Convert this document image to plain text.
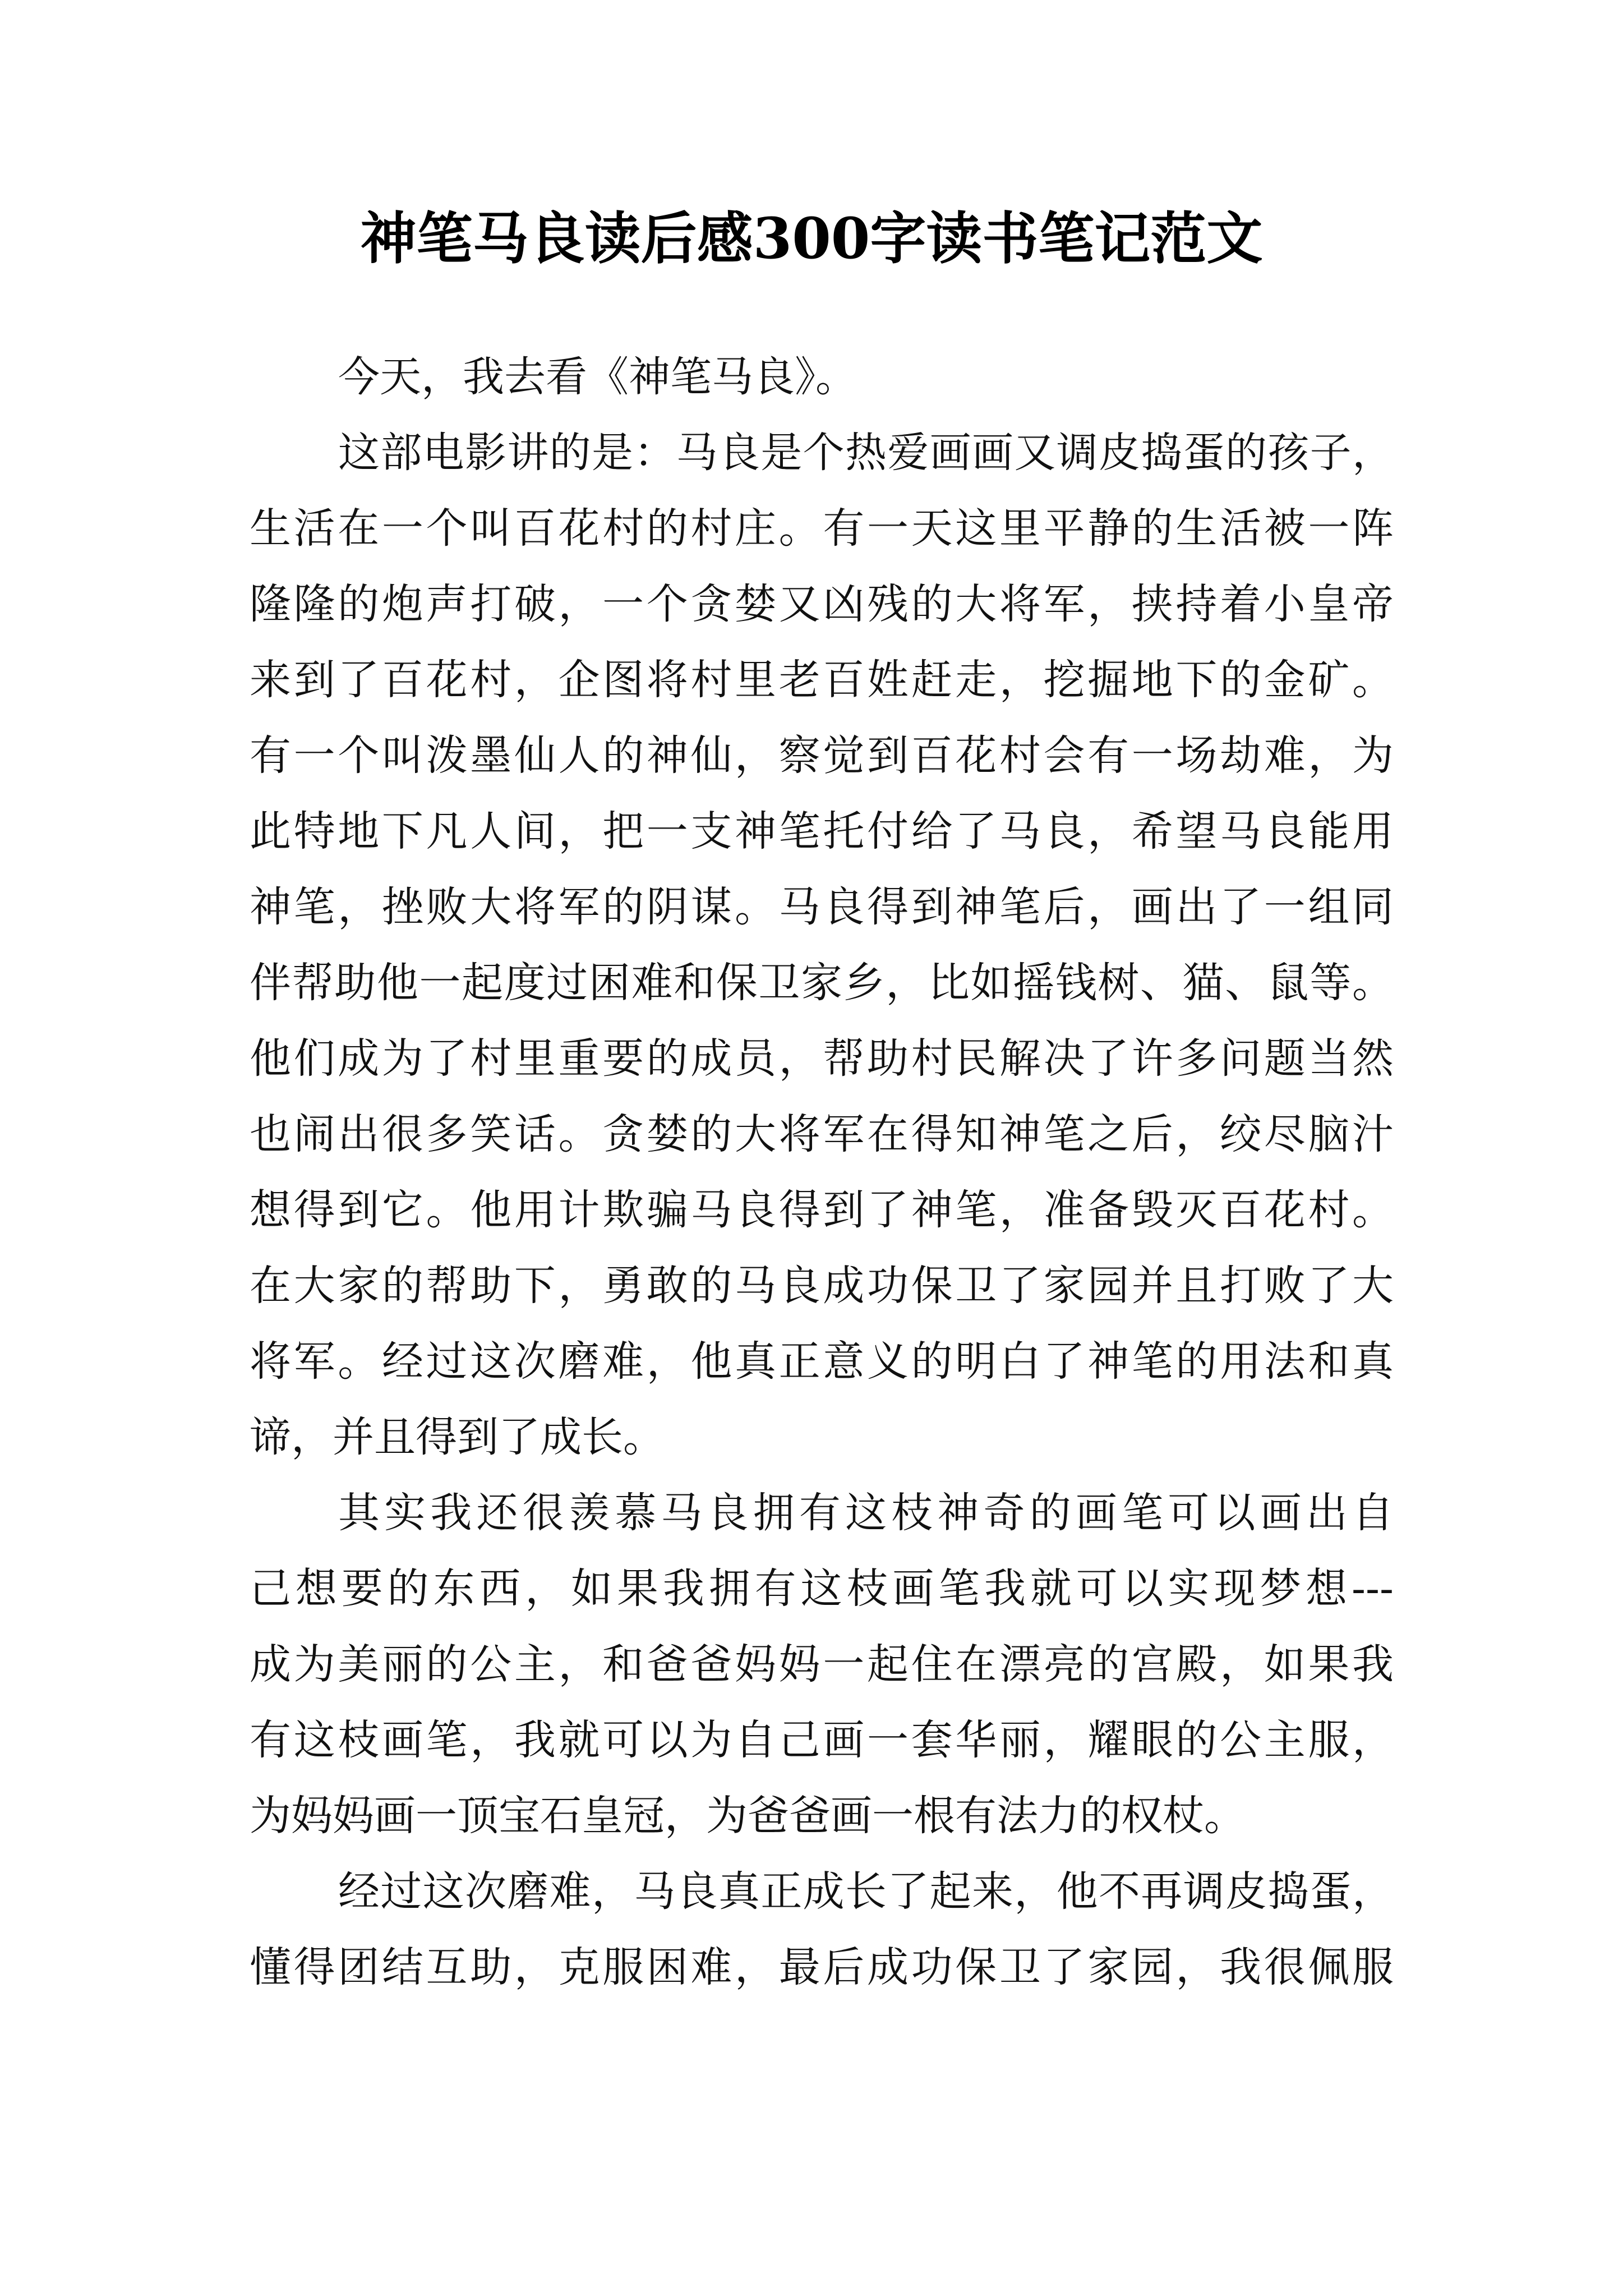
神笔马良读后感300字读书笔记范文
今天，我去看《神笔马良》。
这部电影讲的是：马良是个热爱画画又调皮捣蛋的孩子，
生活在一个叫百花村的村庄。有一天这里平静的生活被一阵
隆隆的炮声打破，一个贪婪又凶残的大将军，挟持着小皇帝
来到了百花村，企图将村里老百姓赶走，挖掘地下的金矿。
有一个叫泼墨仙人的神仙，察觉到百花村会有一场劫难，为
此特地下凡人间，把一支神笔托付给了马良，希望马良能用
神笔，挫败大将军的阴谋。马良得到神笔后，画出了一组同
伴帮助他一起度过困难和保卫家乡，比如摇钱树、猫、鼠等。
他们成为了村里重要的成员，帮助村民解决了许多问题当然
也闹出很多笑话。贪婪的大将军在得知神笔之后，绞尽脑汁
想得到它。他用计欺骗马良得到了神笔，准备毁灭百花村。
在大家的帮助下，勇敢的马良成功保卫了家园并且打败了大
将军。经过这次磨难，他真正意义的明白了神笔的用法和真
谛，并且得到了成长。
其实我还很羡慕马良拥有这枝神奇的画笔可以画出自
己想要的东西，如果我拥有这枝画笔我就可以实现梦想---
成为美丽的公主，和爸爸妈妈一起住在漂亮的宫殿，如果我
有这枝画笔，我就可以为自己画一套华丽，耀眼的公主服，
为妈妈画一顶宝石皇冠，为爸爸画一根有法力的权杖。
经过这次磨难，马良真正成长了起来，他不再调皮捣蛋，
懂得团结互助，克服困难，最后成功保卫了家园，我很佩服
